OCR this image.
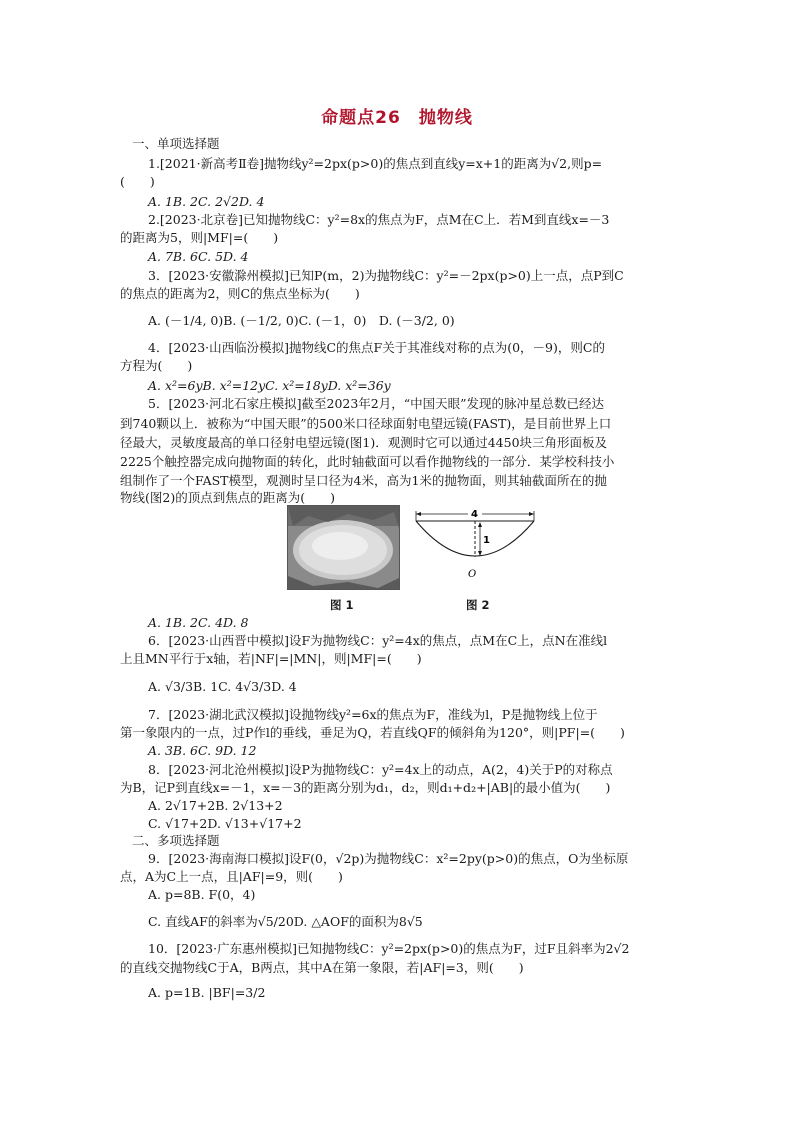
命题点26　抛物线
一、单项选择题
1.[2021·新高考Ⅱ卷]抛物线y²=2px(p>0)的焦点到直线y=x+1的距离为√2,则p=
(　　)
A. 1B. 2C. 2√2D. 4
2.[2023·北京卷]已知抛物线C：y²=8x的焦点为F，点M在C上．若M到直线x=－3
的距离为5，则|MF|=(　　)
A. 7B. 6C. 5D. 4
3．[2023·安徽滁州模拟]已知P(m，2)为抛物线C：y²=－2px(p>0)上一点，点P到C
的焦点的距离为2，则C的焦点坐标为(　　)
A. (－1/4, 0)B. (－1/2, 0)C. (－1，0)　D. (－3/2, 0)
4．[2023·山西临汾模拟]抛物线C的焦点F关于其准线对称的点为(0，－9)，则C的
方程为(　　)
A. x²=6yB. x²=12yC. x²=18yD. x²=36y
5．[2023·河北石家庄模拟]截至2023年2月，“中国天眼”发现的脉冲星总数已经达
到740颗以上．被称为“中国天眼”的500米口径球面射电望远镜(FAST)，是目前世界上口
径最大，灵敏度最高的单口径射电望远镜(图1)．观测时它可以通过4450块三角形面板及
2225个触控器完成向抛物面的转化，此时轴截面可以看作抛物线的一部分．某学校科技小
组制作了一个FAST模型，观测时呈口径为4米，高为1米的抛物面，则其轴截面所在的抛
物线(图2)的顶点到焦点的距离为(　　)
图 1
4
1
O
图 2
A. 1B. 2C. 4D. 8
6．[2023·山西晋中模拟]设F为抛物线C：y²=4x的焦点，点M在C上，点N在准线l
上且MN平行于x轴，若|NF|=|MN|，则|MF|=(　　)
A. √3/3B. 1C. 4√3/3D. 4
7．[2023·湖北武汉模拟]设抛物线y²=6x的焦点为F，准线为l，P是抛物线上位于
第一象限内的一点，过P作l的垂线，垂足为Q，若直线QF的倾斜角为120°，则|PF|=(　　)
A. 3B. 6C. 9D. 12
8．[2023·河北沧州模拟]设P为抛物线C：y²=4x上的动点，A(2，4)关于P的对称点
为B，记P到直线x=－1，x=－3的距离分别为d₁，d₂，则d₁+d₂+|AB|的最小值为(　　)
A. 2√17+2B. 2√13+2
C. √17+2D. √13+√17+2
二、多项选择题
9．[2023·海南海口模拟]设F(0，√2p)为抛物线C：x²=2py(p>0)的焦点，O为坐标原
点，A为C上一点，且|AF|=9，则(　　)
A. p=8B. F(0，4)
C. 直线AF的斜率为√5/20D. △AOF的面积为8√5
10．[2023·广东惠州模拟]已知抛物线C：y²=2px(p>0)的焦点为F，过F且斜率为2√2
的直线交抛物线C于A，B两点，其中A在第一象限，若|AF|=3，则(　　)
A. p=1B. |BF|=3/2
